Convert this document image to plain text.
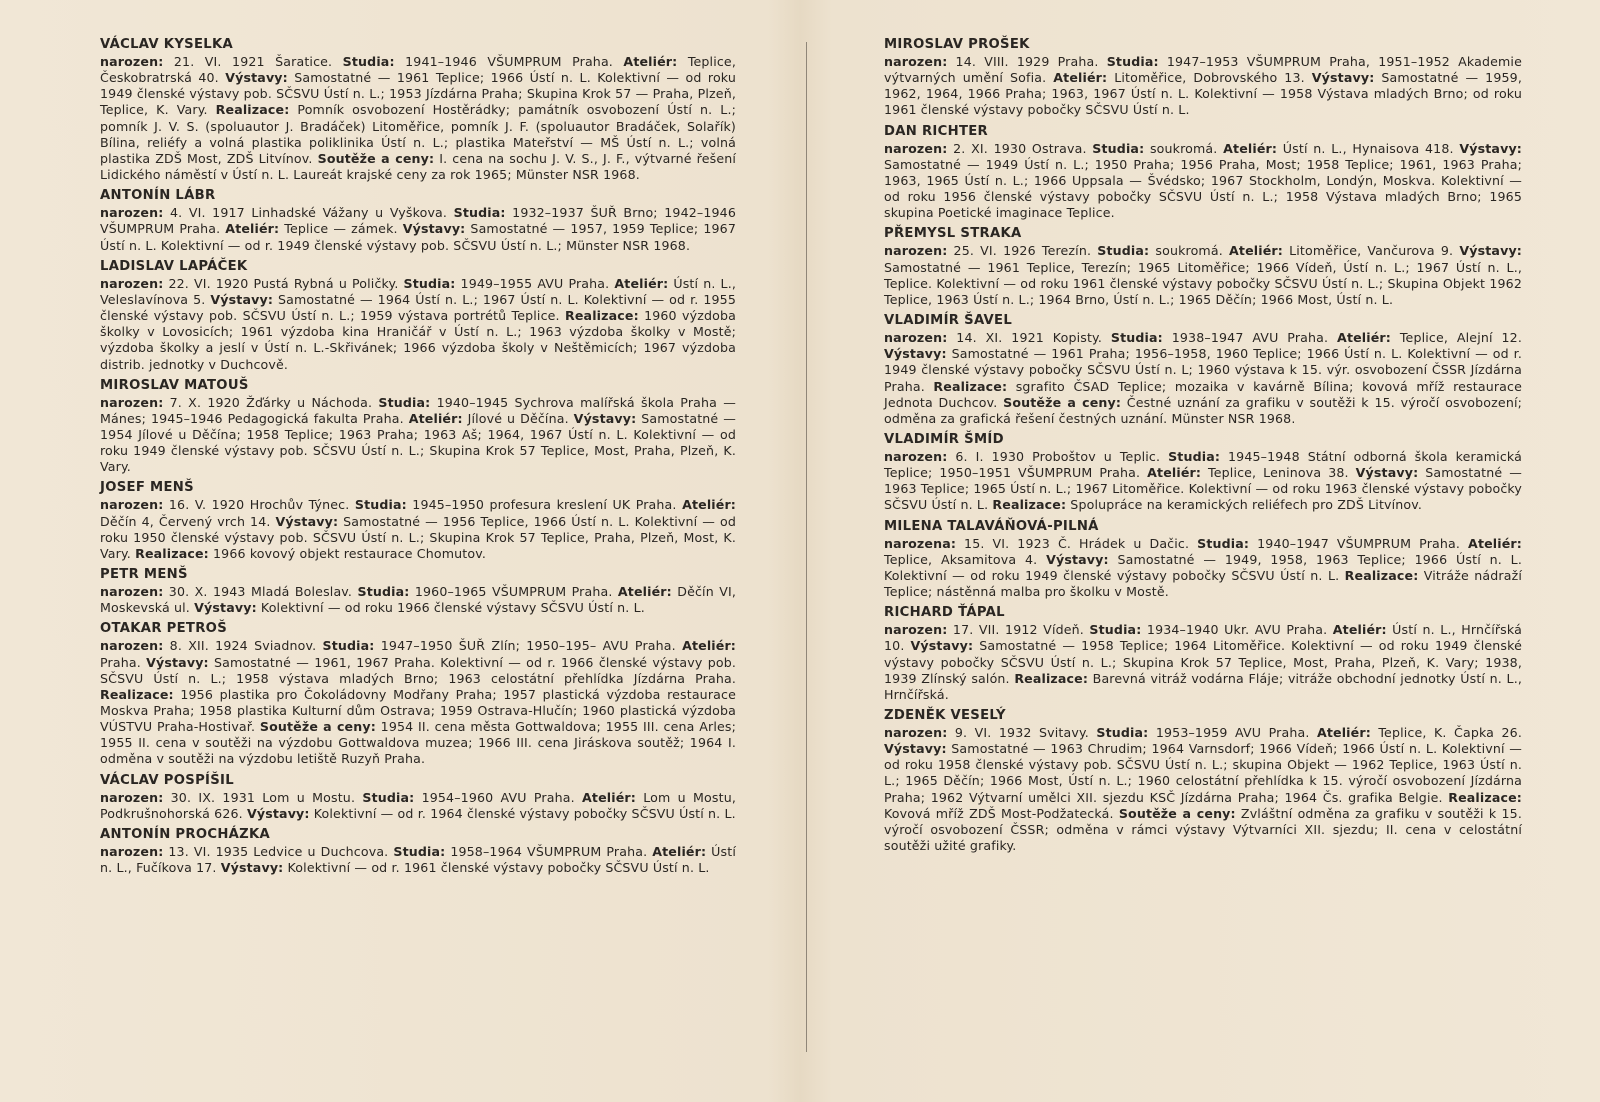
VÁCLAV KYSELKA
narozen: 21. VI. 1921 Šaratice. Studia: 1941–1946 VŠUMPRUM Praha. Ateliér: Teplice, Českobratrská 40. Výstavy: Samostatné — 1961 Teplice; 1966 Ústí n. L. Kolektivní — od roku 1949 členské výstavy pob. SČSVU Ústí n. L.; 1953 Jízdárna Praha; Skupina Krok 57 — Praha, Plzeň, Teplice, K. Vary. Realizace: Pomník osvobození Hostěrádky; památník osvobození Ústí n. L.; pomník J. V. S. (spoluautor J. Bradáček) Litoměřice, pomník J. F. (spoluautor Bradáček, Solařík) Bílina, reliéfy a volná plastika poliklinika Ústí n. L.; plastika Mateřství — MŠ Ústí n. L.; volná plastika ZDŠ Most, ZDŠ Litvínov. Soutěže a ceny: I. cena na sochu J. V. S., J. F., výtvarné řešení Lidického náměstí v Ústí n. L. Laureát krajské ceny za rok 1965; Münster NSR 1968.
ANTONÍN LÁBR
narozen: 4. VI. 1917 Linhadské Vážany u Vyškova. Studia: 1932–1937 ŠUŘ Brno; 1942–1946 VŠUMPRUM Praha. Ateliér: Teplice — zámek. Výstavy: Samostatné — 1957, 1959 Teplice; 1967 Ústí n. L. Kolektivní — od r. 1949 členské výstavy pob. SČSVU Ústí n. L.; Münster NSR 1968.
LADISLAV LAPÁČEK
narozen: 22. VI. 1920 Pustá Rybná u Poličky. Studia: 1949–1955 AVU Praha. Ateliér: Ústí n. L., Veleslavínova 5. Výstavy: Samostatné — 1964 Ústí n. L.; 1967 Ústí n. L. Kolektivní — od r. 1955 členské výstavy pob. SČSVU Ústí n. L.; 1959 výstava portrétů Teplice. Realizace: 1960 výzdoba školky v Lovosicích; 1961 výzdoba kina Hraničář v Ústí n. L.; 1963 výzdoba školky v Mostě; výzdoba školky a jeslí v Ústí n. L.-Skřivánek; 1966 výzdoba školy v Neštěmicích; 1967 výzdoba distrib. jednotky v Duchcově.
MIROSLAV MATOUŠ
narozen: 7. X. 1920 Žďárky u Náchoda. Studia: 1940–1945 Sychrova malířská škola Praha — Mánes; 1945–1946 Pedagogická fakulta Praha. Ateliér: Jílové u Děčína. Výstavy: Samostatné — 1954 Jílové u Děčína; 1958 Teplice; 1963 Praha; 1963 Aš; 1964, 1967 Ústí n. L. Kolektivní — od roku 1949 členské výstavy pob. SČSVU Ústí n. L.; Skupina Krok 57 Teplice, Most, Praha, Plzeň, K. Vary.
JOSEF MENŠ
narozen: 16. V. 1920 Hrochův Týnec. Studia: 1945–1950 profesura kreslení UK Praha. Ateliér: Děčín 4, Červený vrch 14. Výstavy: Samostatné — 1956 Teplice, 1966 Ústí n. L. Kolektivní — od roku 1950 členské výstavy pob. SČSVU Ústí n. L.; Skupina Krok 57 Teplice, Praha, Plzeň, Most, K. Vary. Realizace: 1966 kovový objekt restaurace Chomutov.
PETR MENŠ
narozen: 30. X. 1943 Mladá Boleslav. Studia: 1960–1965 VŠUMPRUM Praha. Ateliér: Děčín VI, Moskevská ul. Výstavy: Kolektivní — od roku 1966 členské výstavy SČSVU Ústí n. L.
OTAKAR PETROŠ
narozen: 8. XII. 1924 Sviadnov. Studia: 1947–1950 ŠUŘ Zlín; 1950–195– AVU Praha. Ateliér: Praha. Výstavy: Samostatné — 1961, 1967 Praha. Kolektivní — od r. 1966 členské výstavy pob. SČSVU Ústí n. L.; 1958 výstava mladých Brno; 1963 celostátní přehlídka Jízdárna Praha. Realizace: 1956 plastika pro Čokoládovny Modřany Praha; 1957 plastická výzdoba restaurace Moskva Praha; 1958 plastika Kulturní dům Ostrava; 1959 Ostrava-Hlučín; 1960 plastická výzdoba VÚSTVU Praha-Hostivař. Soutěže a ceny: 1954 II. cena města Gottwaldova; 1955 III. cena Arles; 1955 II. cena v soutěži na výzdobu Gottwaldova muzea; 1966 III. cena Jiráskova soutěž; 1964 I. odměna v soutěži na výzdobu letiště Ruzyň Praha.
VÁCLAV POSPÍŠIL
narozen: 30. IX. 1931 Lom u Mostu. Studia: 1954–1960 AVU Praha. Ateliér: Lom u Mostu, Podkrušnohorská 626. Výstavy: Kolektivní — od r. 1964 členské výstavy pobočky SČSVU Ústí n. L.
ANTONÍN PROCHÁZKA
narozen: 13. VI. 1935 Ledvice u Duchcova. Studia: 1958–1964 VŠUMPRUM Praha. Ateliér: Ústí n. L., Fučíkova 17. Výstavy: Kolektivní — od r. 1961 členské výstavy pobočky SČSVU Ústí n. L.
MIROSLAV PROŠEK
narozen: 14. VIII. 1929 Praha. Studia: 1947–1953 VŠUMPRUM Praha, 1951–1952 Akademie výtvarných umění Sofia. Ateliér: Litoměřice, Dobrovského 13. Výstavy: Samostatné — 1959, 1962, 1964, 1966 Praha; 1963, 1967 Ústí n. L. Kolektivní — 1958 Výstava mladých Brno; od roku 1961 členské výstavy pobočky SČSVU Ústí n. L.
DAN RICHTER
narozen: 2. XI. 1930 Ostrava. Studia: soukromá. Ateliér: Ústí n. L., Hynaisova 418. Výstavy: Samostatné — 1949 Ústí n. L.; 1950 Praha; 1956 Praha, Most; 1958 Teplice; 1961, 1963 Praha; 1963, 1965 Ústí n. L.; 1966 Uppsala — Švédsko; 1967 Stockholm, Londýn, Moskva. Kolektivní — od roku 1956 členské výstavy pobočky SČSVU Ústí n. L.; 1958 Výstava mladých Brno; 1965 skupina Poetické imaginace Teplice.
PŘEMYSL STRAKA
narozen: 25. VI. 1926 Terezín. Studia: soukromá. Ateliér: Litoměřice, Vančurova 9. Výstavy: Samostatné — 1961 Teplice, Terezín; 1965 Litoměřice; 1966 Vídeň, Ústí n. L.; 1967 Ústí n. L., Teplice. Kolektivní — od roku 1961 členské výstavy pobočky SČSVU Ústí n. L.; Skupina Objekt 1962 Teplice, 1963 Ústí n. L.; 1964 Brno, Ústí n. L.; 1965 Děčín; 1966 Most, Ústí n. L.
VLADIMÍR ŠAVEL
narozen: 14. XI. 1921 Kopisty. Studia: 1938–1947 AVU Praha. Ateliér: Teplice, Alejní 12. Výstavy: Samostatné — 1961 Praha; 1956–1958, 1960 Teplice; 1966 Ústí n. L. Kolektivní — od r. 1949 členské výstavy pobočky SČSVU Ústí n. L; 1960 výstava k 15. výr. osvobození ČSSR Jízdárna Praha. Realizace: sgrafito ČSAD Teplice; mozaika v kavárně Bílina; kovová mříž restaurace Jednota Duchcov. Soutěže a ceny: Čestné uznání za grafiku v soutěži k 15. výročí osvobození; odměna za grafická řešení čestných uznání. Münster NSR 1968.
VLADIMÍR ŠMÍD
narozen: 6. I. 1930 Proboštov u Teplic. Studia: 1945–1948 Státní odborná škola keramická Teplice; 1950–1951 VŠUMPRUM Praha. Ateliér: Teplice, Leninova 38. Výstavy: Samostatné — 1963 Teplice; 1965 Ústí n. L.; 1967 Litoměřice. Kolektivní — od roku 1963 členské výstavy pobočky SČSVU Ústí n. L. Realizace: Spolupráce na keramických reliéfech pro ZDŠ Litvínov.
MILENA TALAVÁŇOVÁ-PILNÁ
narozena: 15. VI. 1923 Č. Hrádek u Dačic. Studia: 1940–1947 VŠUMPRUM Praha. Ateliér: Teplice, Aksamitova 4. Výstavy: Samostatné — 1949, 1958, 1963 Teplice; 1966 Ústí n. L. Kolektivní — od roku 1949 členské výstavy pobočky SČSVU Ústí n. L. Realizace: Vitráže nádraží Teplice; nástěnná malba pro školku v Mostě.
RICHARD ŤÁPAL
narozen: 17. VII. 1912 Vídeň. Studia: 1934–1940 Ukr. AVU Praha. Ateliér: Ústí n. L., Hrnčířská 10. Výstavy: Samostatné — 1958 Teplice; 1964 Litoměřice. Kolektivní — od roku 1949 členské výstavy pobočky SČSVU Ústí n. L.; Skupina Krok 57 Teplice, Most, Praha, Plzeň, K. Vary; 1938, 1939 Zlínský salón. Realizace: Barevná vitráž vodárna Fláje; vitráže obchodní jednotky Ústí n. L., Hrnčířská.
ZDENĚK VESELÝ
narozen: 9. VI. 1932 Svitavy. Studia: 1953–1959 AVU Praha. Ateliér: Teplice, K. Čapka 26. Výstavy: Samostatné — 1963 Chrudim; 1964 Varnsdorf; 1966 Vídeň; 1966 Ústí n. L. Kolektivní — od roku 1958 členské výstavy pob. SČSVU Ústí n. L.; skupina Objekt — 1962 Teplice, 1963 Ústí n. L.; 1965 Děčín; 1966 Most, Ústí n. L.; 1960 celostátní přehlídka k 15. výročí osvobození Jízdárna Praha; 1962 Výtvarní umělci XII. sjezdu KSČ Jízdárna Praha; 1964 Čs. grafika Belgie. Realizace: Kovová mříž ZDŠ Most-Podžatecká. Soutěže a ceny: Zvláštní odměna za grafiku v soutěži k 15. výročí osvobození ČSSR; odměna v rámci výstavy Výtvarníci XII. sjezdu; II. cena v celostátní soutěži užité grafiky.
